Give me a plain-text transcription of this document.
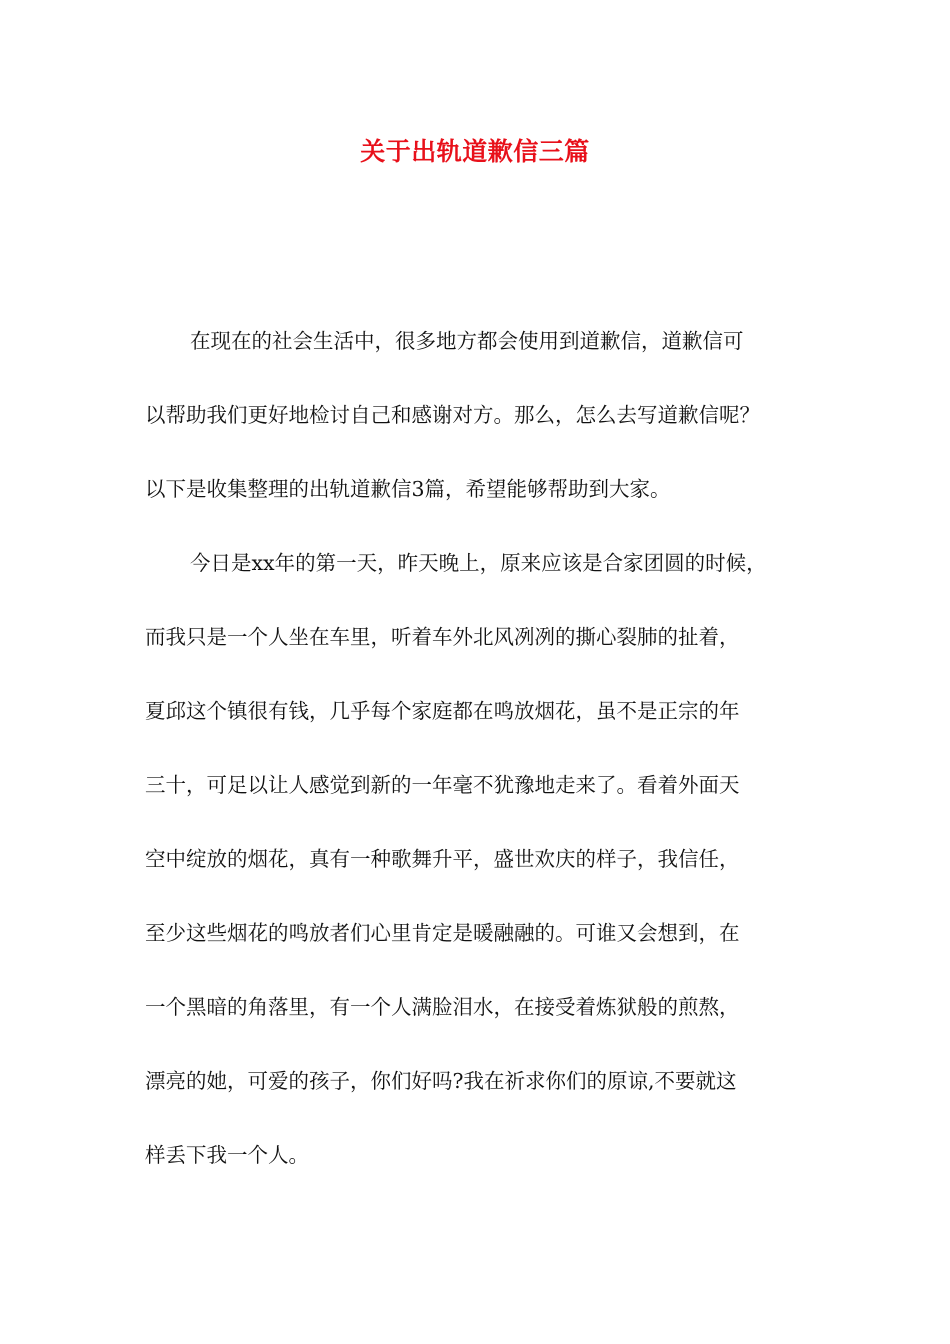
关于出轨道歉信三篇
在现在的社会生活中，很多地方都会使用到道歉信，道歉信可
以帮助我们更好地检讨自己和感谢对方。那么，怎么去写道歉信呢？
以下是收集整理的出轨道歉信3篇，希望能够帮助到大家。
今日是xx年的第一天，昨天晚上，原来应该是合家团圆的时候，
而我只是一个人坐在车里，听着车外北风冽冽的撕心裂肺的扯着，
夏邱这个镇很有钱，几乎每个家庭都在鸣放烟花，虽不是正宗的年
三十，可足以让人感觉到新的一年毫不犹豫地走来了。看着外面天
空中绽放的烟花，真有一种歌舞升平，盛世欢庆的样子，我信任，
至少这些烟花的鸣放者们心里肯定是暖融融的。可谁又会想到，在
一个黑暗的角落里，有一个人满脸泪水，在接受着炼狱般的煎熬，
漂亮的她，可爱的孩子，你们好吗?我在祈求你们的原谅,不要就这
样丢下我一个人。
